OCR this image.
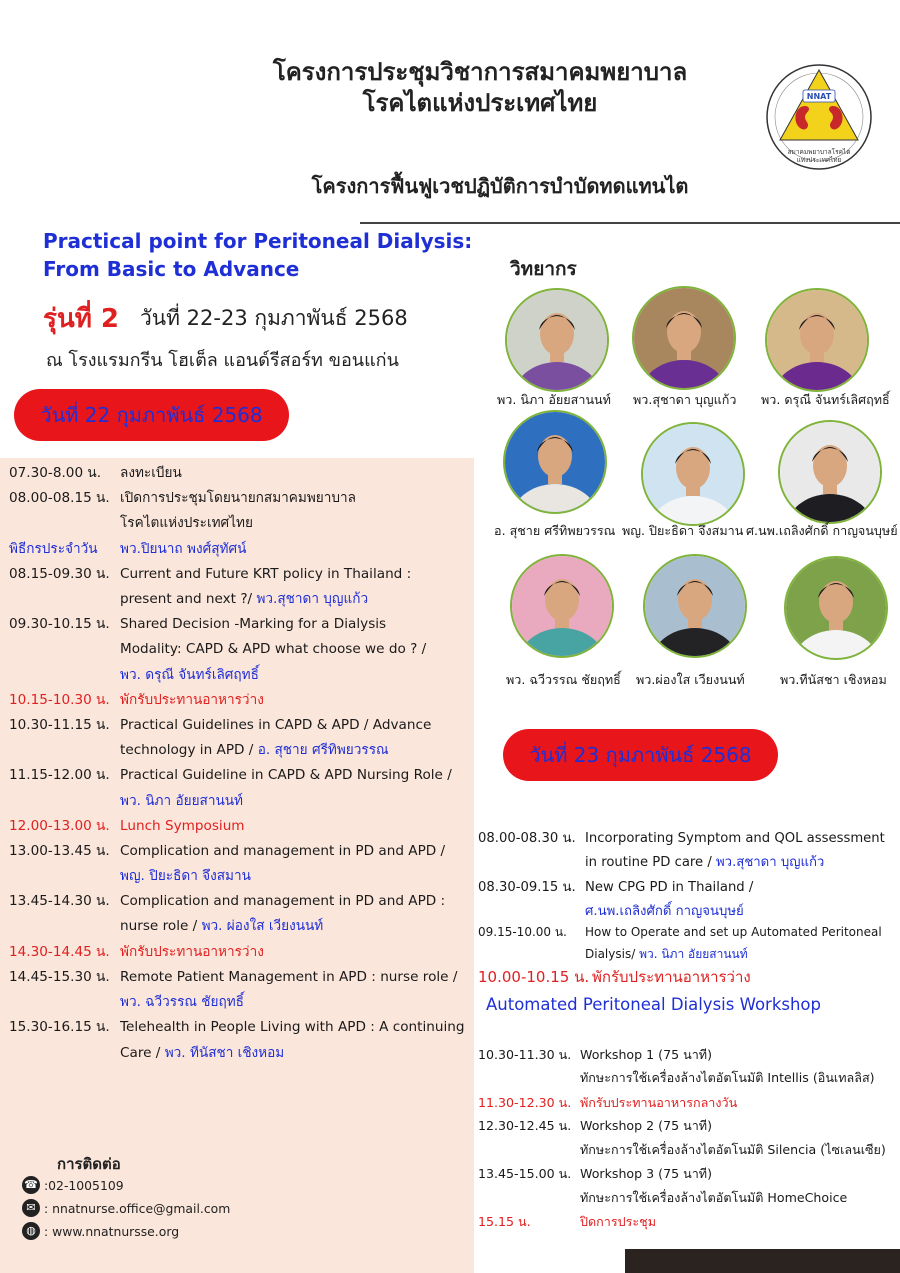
โครงการประชุมวิชาการสมาคมพยาบาล
โรคไตแห่งประเทศไทย
โครงการฟื้นฟูเวชปฏิบัติการบำบัดทดแทนไต
NNAT
สมาคมพยาบาลโรคไต
แห่งประเทศไทย
Practical point for Peritoneal Dialysis:
From Basic to Advance
รุ่นที่ 2 วันที่ 22-23 กุมภาพันธ์ 2568
ณ โรงแรมกรีน โฮเต็ล แอนด์รีสอร์ท ขอนแก่น
วันที่ 22 กุมภาพันธ์ 2568
07.30-8.00 น. ลงทะเบียน
08.00-08.15 น. เปิดการประชุมโดยนายกสมาคมพยาบาล
โรคไตแห่งประเทศไทย
พิธีกรประจำวัน พว.ปิยนาถ พงศ์สุทัศน์
08.15-09.30 น. Current and Future KRT policy in Thailand :
present and next ?/ พว.สุชาดา บุญแก้ว
09.30-10.15 น. Shared Decision -Marking for a Dialysis
Modality: CAPD & APD what choose we do ? /
พว. ดรุณี จันทร์เลิศฤทธิ์
10.15-10.30 น. พักรับประทานอาหารว่าง
10.30-11.15 น. Practical Guidelines in CAPD & APD / Advance
technology in APD / อ. สุชาย ศรีทิพยวรรณ
11.15-12.00 น. Practical Guideline in CAPD & APD Nursing Role /
พว. นิภา อัยยสานนท์
12.00-13.00 น. Lunch Symposium
13.00-13.45 น. Complication and management in PD and APD /
พญ. ปิยะธิดา จึงสมาน
13.45-14.30 น. Complication and management in PD and APD :
nurse role / พว. ผ่องใส เวียงนนท์
14.30-14.45 น. พักรับประทานอาหารว่าง
14.45-15.30 น. Remote Patient Management in APD : nurse role /
พว. ฉวีวรรณ ชัยฤทธิ์
15.30-16.15 น. Telehealth in People Living with APD : A continuing
Care / พว. ทีนัสชา เชิงหอม
วิทยากร
พว. นิภา อัยยสานนท์ พว.สุชาดา บุญแก้ว พว. ดรุณี จันทร์เลิศฤทธิ์
อ. สุชาย ศรีทิพยวรรณ พญ. ปิยะธิดา จึงสมาน ศ.นพ.เถลิงศักดิ์ กาญจนบุษย์
พว. ฉวีวรรณ ชัยฤทธิ์ พว.ผ่องใส เวียงนนท์	พว.ทีนัสชา เชิงหอม
วันที่ 23 กุมภาพันธ์ 2568
08.00-08.30 น. Incorporating Symptom and QOL assessment
in routine PD care / พว.สุชาดา บุญแก้ว
08.30-09.15 น. New CPG PD in Thailand /
ศ.นพ.เถลิงศักดิ์ กาญจนบุษย์
09.15-10.00 น. How to Operate and set up Automated Peritoneal
Dialysis/ พว. นิภา อัยยสานนท์
10.00-10.15 น. พักรับประทานอาหารว่าง
Automated Peritoneal Dialysis Workshop
10.30-11.30 น. Workshop 1 (75 นาที)
ทักษะการใช้เครื่องล้างไตอัตโนมัติ Intellis (อินเทลลิส)
11.30-12.30 น. พักรับประทานอาหารกลางวัน
12.30-12.45 น. Workshop 2 (75 นาที)
ทักษะการใช้เครื่องล้างไตอัตโนมัติ Silencia (ไซเลนเซีย)
13.45-15.00 น. Workshop 3 (75 นาที)
ทักษะการใช้เครื่องล้างไตอัตโนมัติ HomeChoice
15.15 น.	ปิดการประชุม
การติดต่อ
☎ :02-1005109
✉ : nnatnurse.office@gmail.com
◍ : www.nnatnursse.org
